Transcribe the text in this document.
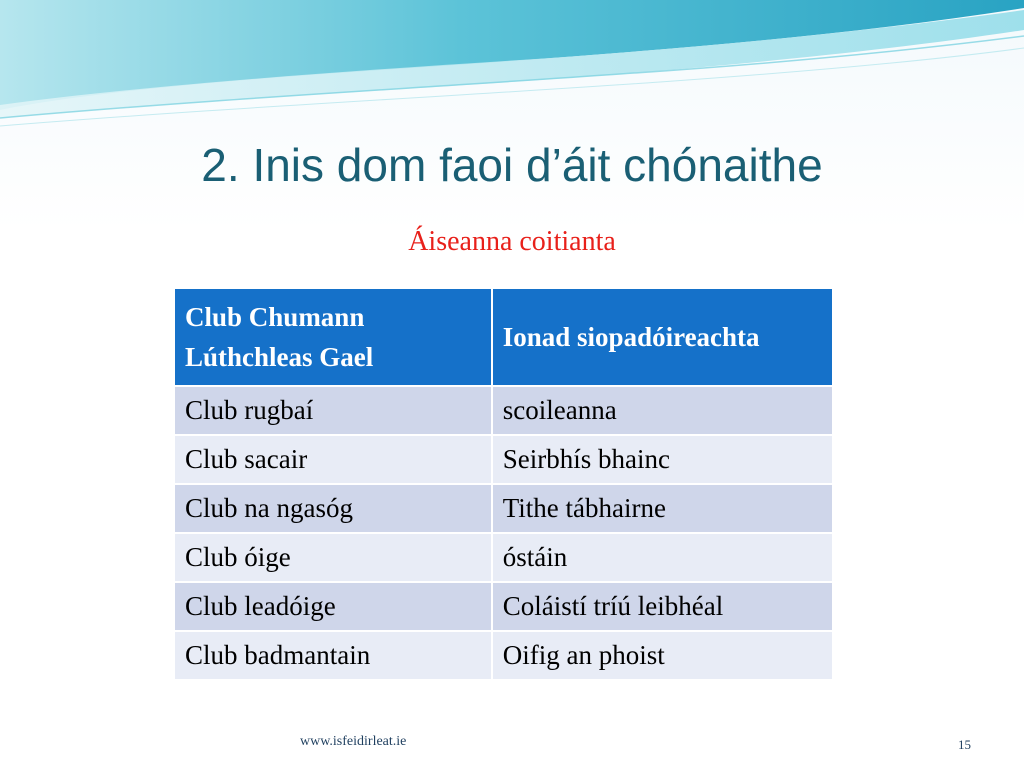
2. Inis dom faoi d’áit chónaithe
Áiseanna coitianta
Club Chumann Lúthchleas Gael	Ionad siopadóireachta
Club rugbaí	scoileanna
Club sacair	Seirbhís bhainc
Club na ngasóg	Tithe tábhairne
Club óige	óstáin
Club leadóige	Coláistí tríú leibhéal
Club badmantain	Oifig an phoist
www.isfeidirleat.ie	15
